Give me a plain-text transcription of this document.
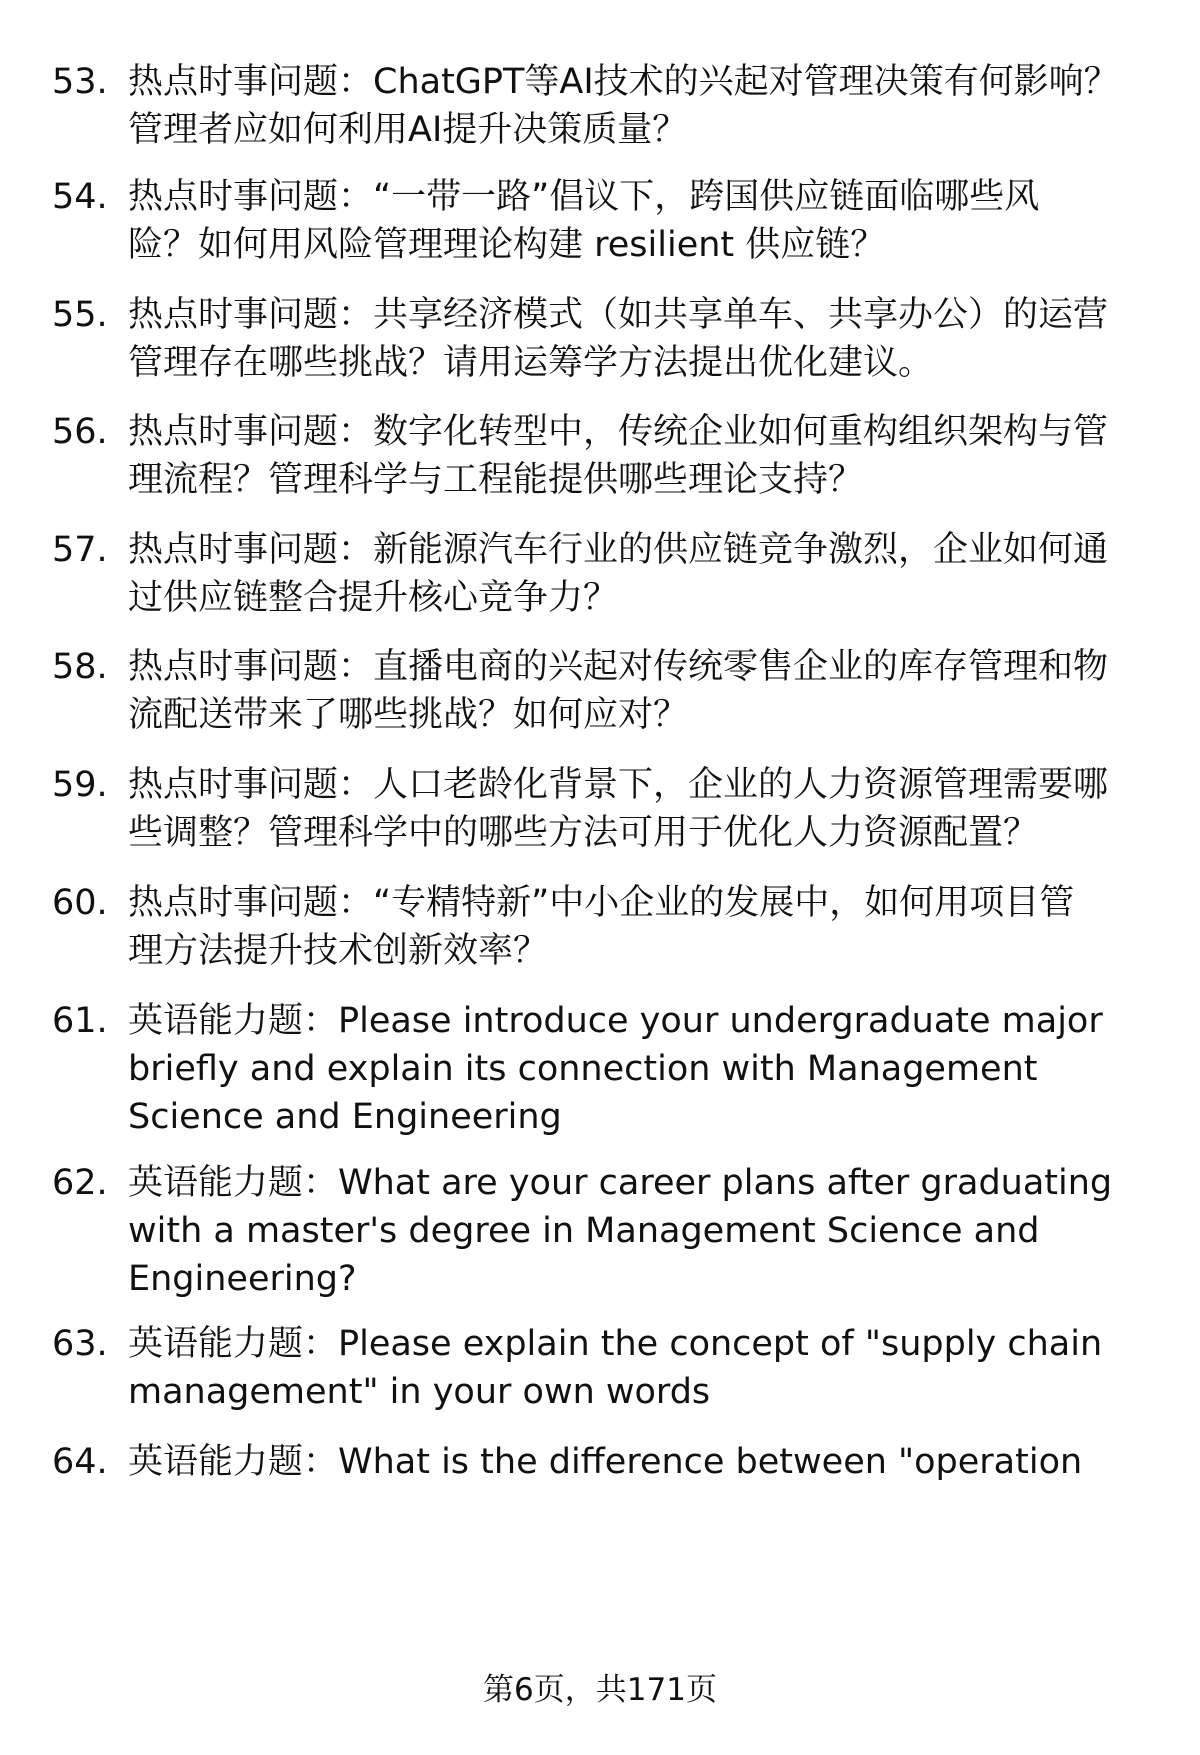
53. 热点时事问题：ChatGPT等AI技术的兴起对管理决策有何影响？
管理者应如何利用AI提升决策质量？

54. 热点时事问题：“一带一路”倡议下，跨国供应链面临哪些风
险？如何用风险管理理论构建 resilient 供应链？

55. 热点时事问题：共享经济模式（如共享单车、共享办公）的运营
管理存在哪些挑战？请用运筹学方法提出优化建议。

56. 热点时事问题：数字化转型中，传统企业如何重构组织架构与管
理流程？管理科学与工程能提供哪些理论支持？

57. 热点时事问题：新能源汽车行业的供应链竞争激烈，企业如何通
过供应链整合提升核心竞争力？

58. 热点时事问题：直播电商的兴起对传统零售企业的库存管理和物
流配送带来了哪些挑战？如何应对？

59. 热点时事问题：人口老龄化背景下，企业的人力资源管理需要哪
些调整？管理科学中的哪些方法可用于优化人力资源配置？

60. 热点时事问题：“专精特新”中小企业的发展中，如何用项目管
理方法提升技术创新效率？

61. 英语能力题：Please introduce your undergraduate major
briefly and explain its connection with Management
Science and Engineering

62. 英语能力题：What are your career plans after graduating
with a master's degree in Management Science and
Engineering?

63. 英语能力题：Please explain the concept of "supply chain
management" in your own words

64. 英语能力题：What is the difference between "operation

第6页，共171页
